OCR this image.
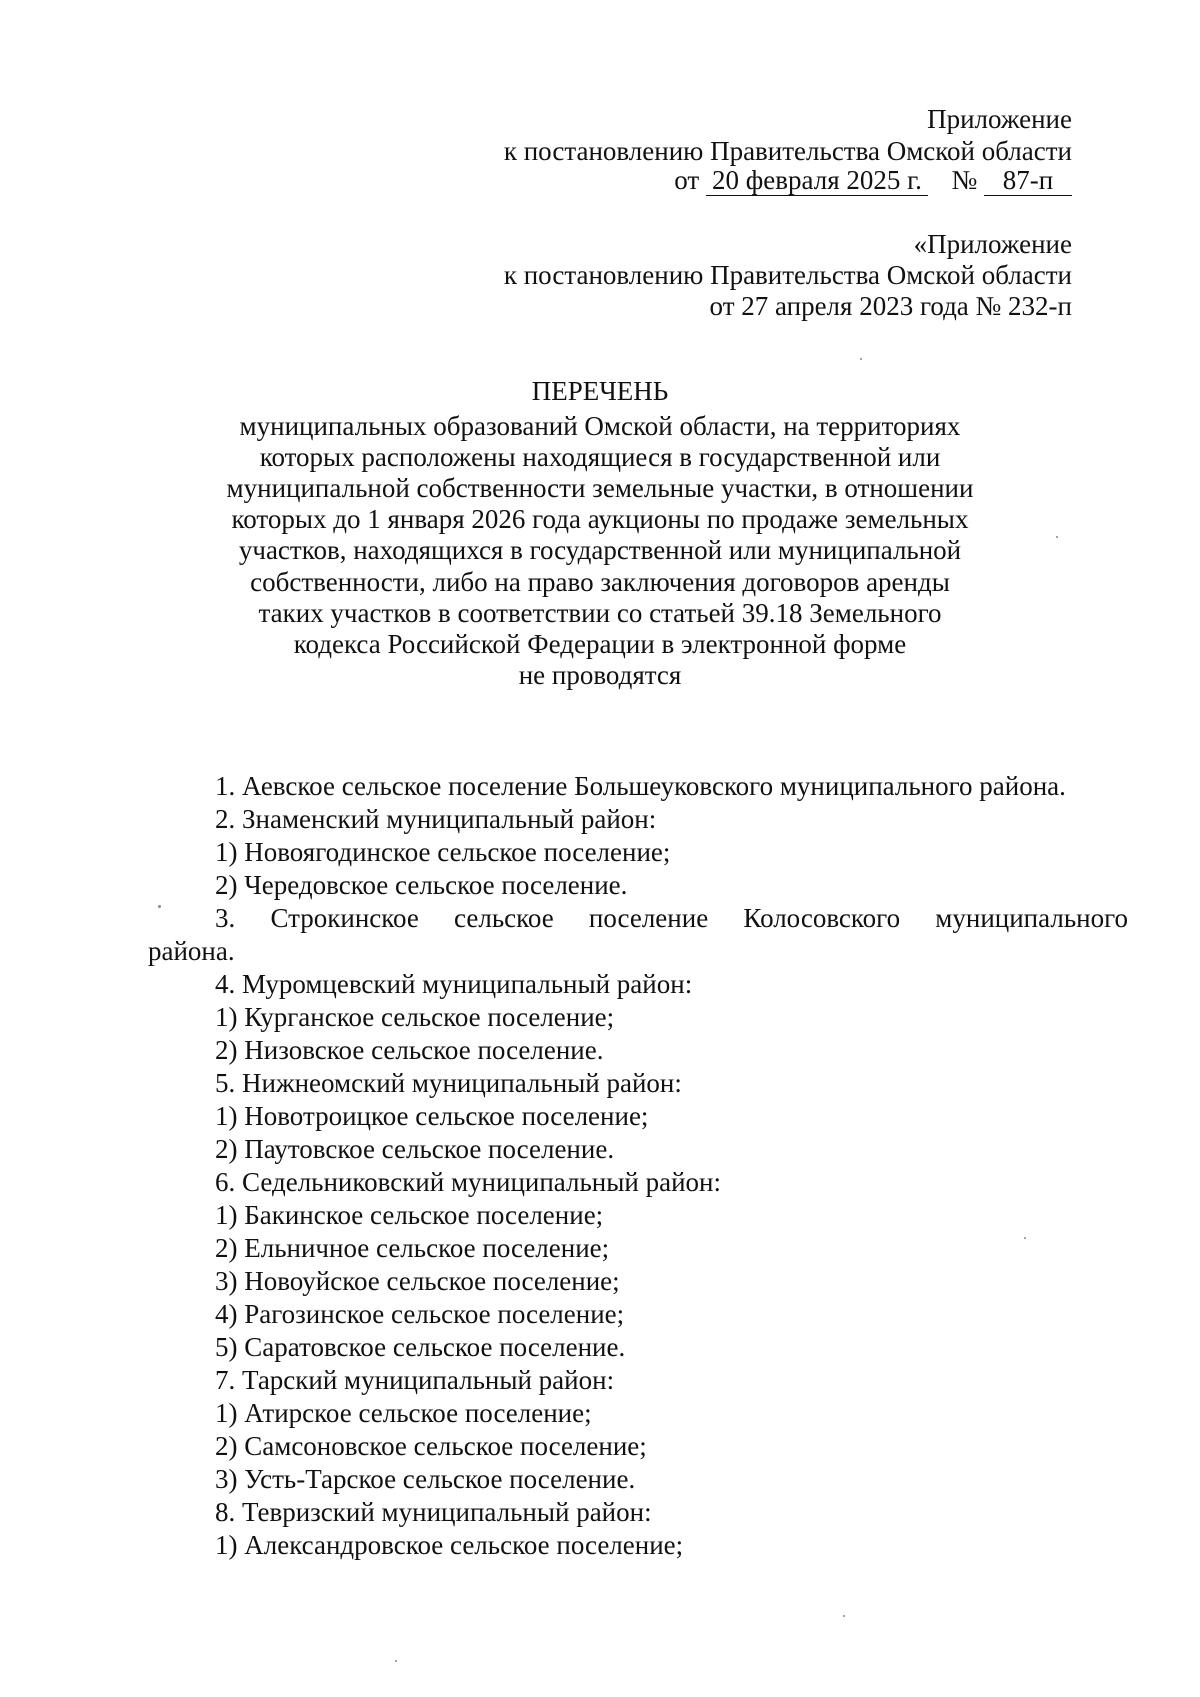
Приложение
к постановлению Правительства Омской области
от 20 февраля 2025 г. № 87-п
«Приложение
к постановлению Правительства Омской области
от 27 апреля 2023 года № 232-п
ПЕРЕЧЕНЬ
муниципальных образований Омской области, на территориях
которых расположены находящиеся в государственной или
муниципальной собственности земельные участки, в отношении
которых до 1 января 2026 года аукционы по продаже земельных
участков, находящихся в государственной или муниципальной
собственности, либо на право заключения договоров аренды
таких участков в соответствии со статьей 39.18 Земельного
кодекса Российской Федерации в электронной форме
не проводятся
1. Аевское сельское поселение Большеуковского муниципального района.
2. Знаменский муниципальный район:
1) Новоягодинское сельское поселение;
2) Чередовское сельское поселение.
3. Строкинское сельское поселение Колосовского муниципального
района.
4. Муромцевский муниципальный район:
1) Курганское сельское поселение;
2) Низовское сельское поселение.
5. Нижнеомский муниципальный район:
1) Новотроицкое сельское поселение;
2) Паутовское сельское поселение.
6. Седельниковский муниципальный район:
1) Бакинское сельское поселение;
2) Ельничное сельское поселение;
3) Новоуйское сельское поселение;
4) Рагозинское сельское поселение;
5) Саратовское сельское поселение.
7. Тарский муниципальный район:
1) Атирское сельское поселение;
2) Самсоновское сельское поселение;
3) Усть-Тарское сельское поселение.
8. Тевризский муниципальный район:
1) Александровское сельское поселение;
